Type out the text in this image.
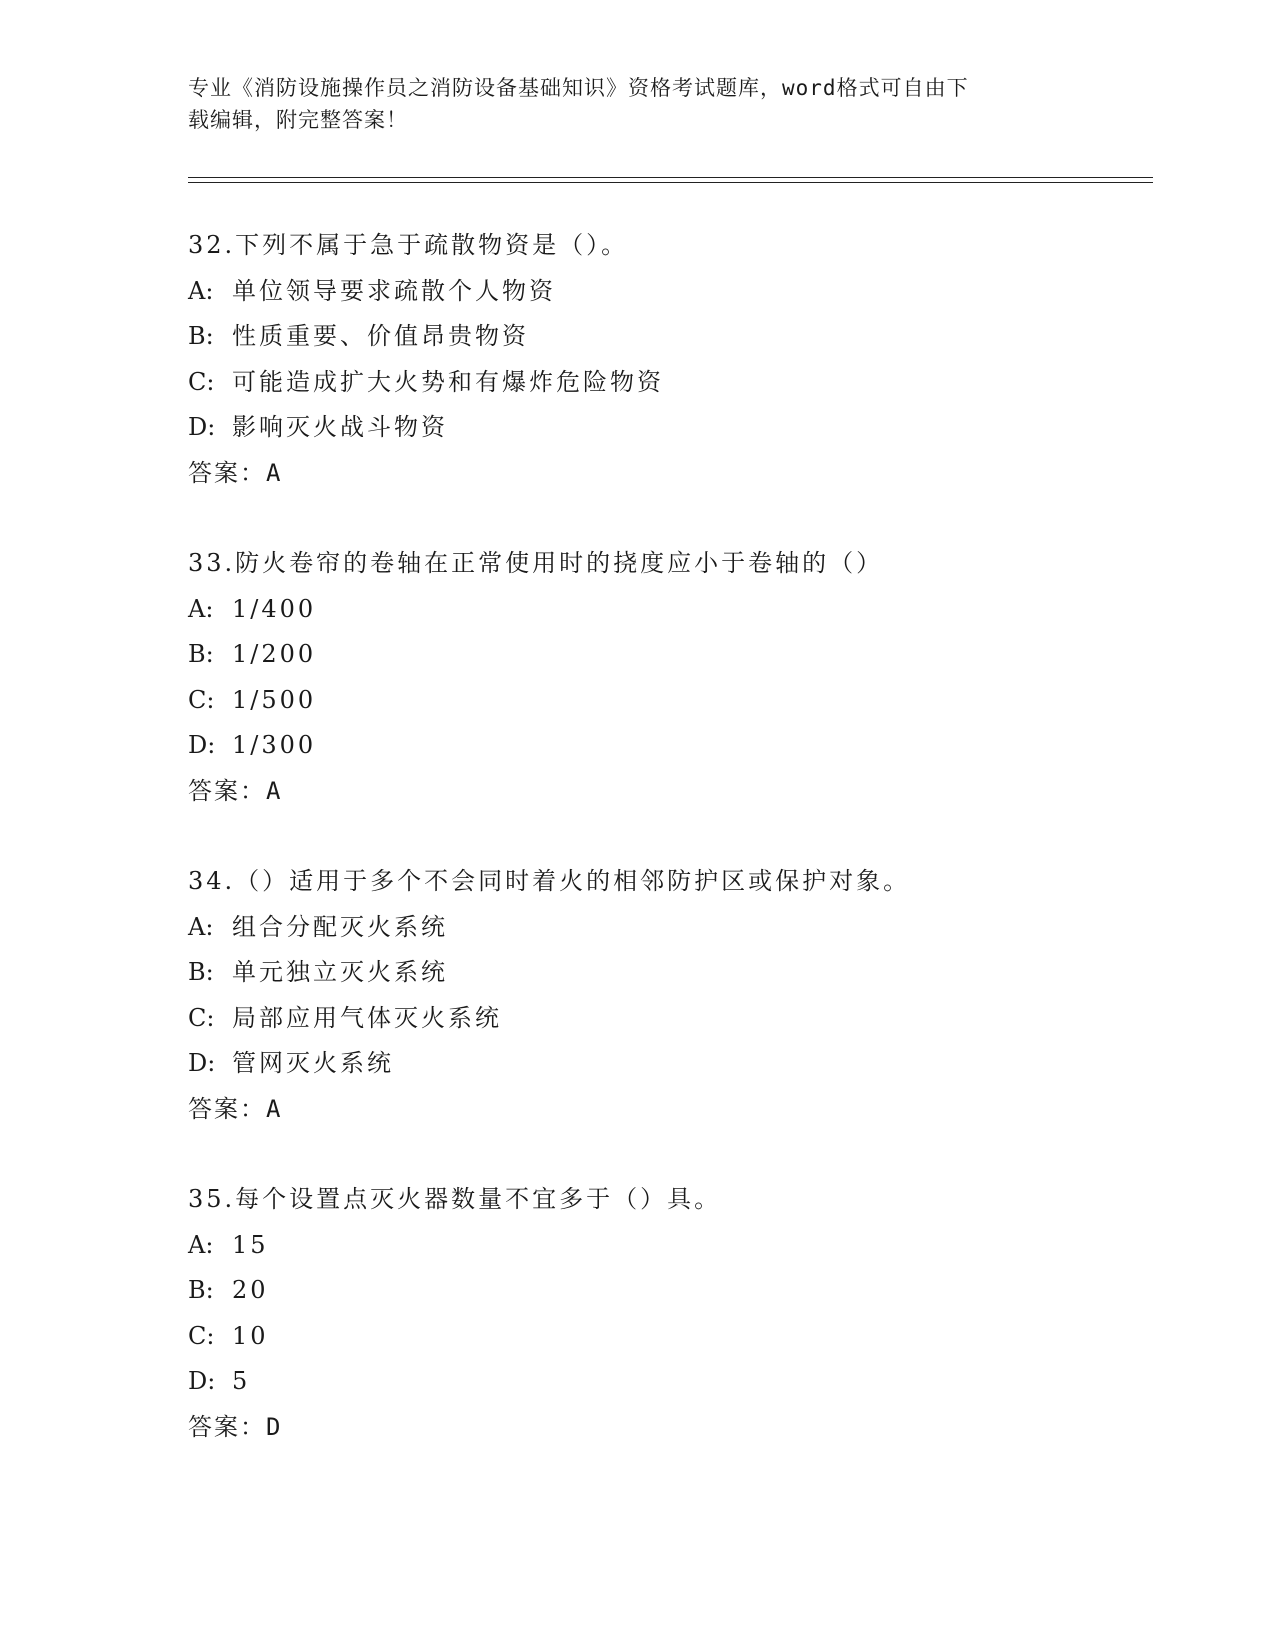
专业《消防设施操作员之消防设备基础知识》资格考试题库，word格式可自由下
载编辑，附完整答案！
32.下列不属于急于疏散物资是（）。
A: 单位领导要求疏散个人物资
B: 性质重要、价值昂贵物资
C: 可能造成扩大火势和有爆炸危险物资
D: 影响灭火战斗物资
答案：A
33.防火卷帘的卷轴在正常使用时的挠度应小于卷轴的（）
A: 1/400
B: 1/200
C: 1/500
D: 1/300
答案：A
34.（）适用于多个不会同时着火的相邻防护区或保护对象。
A: 组合分配灭火系统
B: 单元独立灭火系统
C: 局部应用气体灭火系统
D: 管网灭火系统
答案：A
35.每个设置点灭火器数量不宜多于（）具。
A: 15
B: 20
C: 10
D: 5
答案：D
